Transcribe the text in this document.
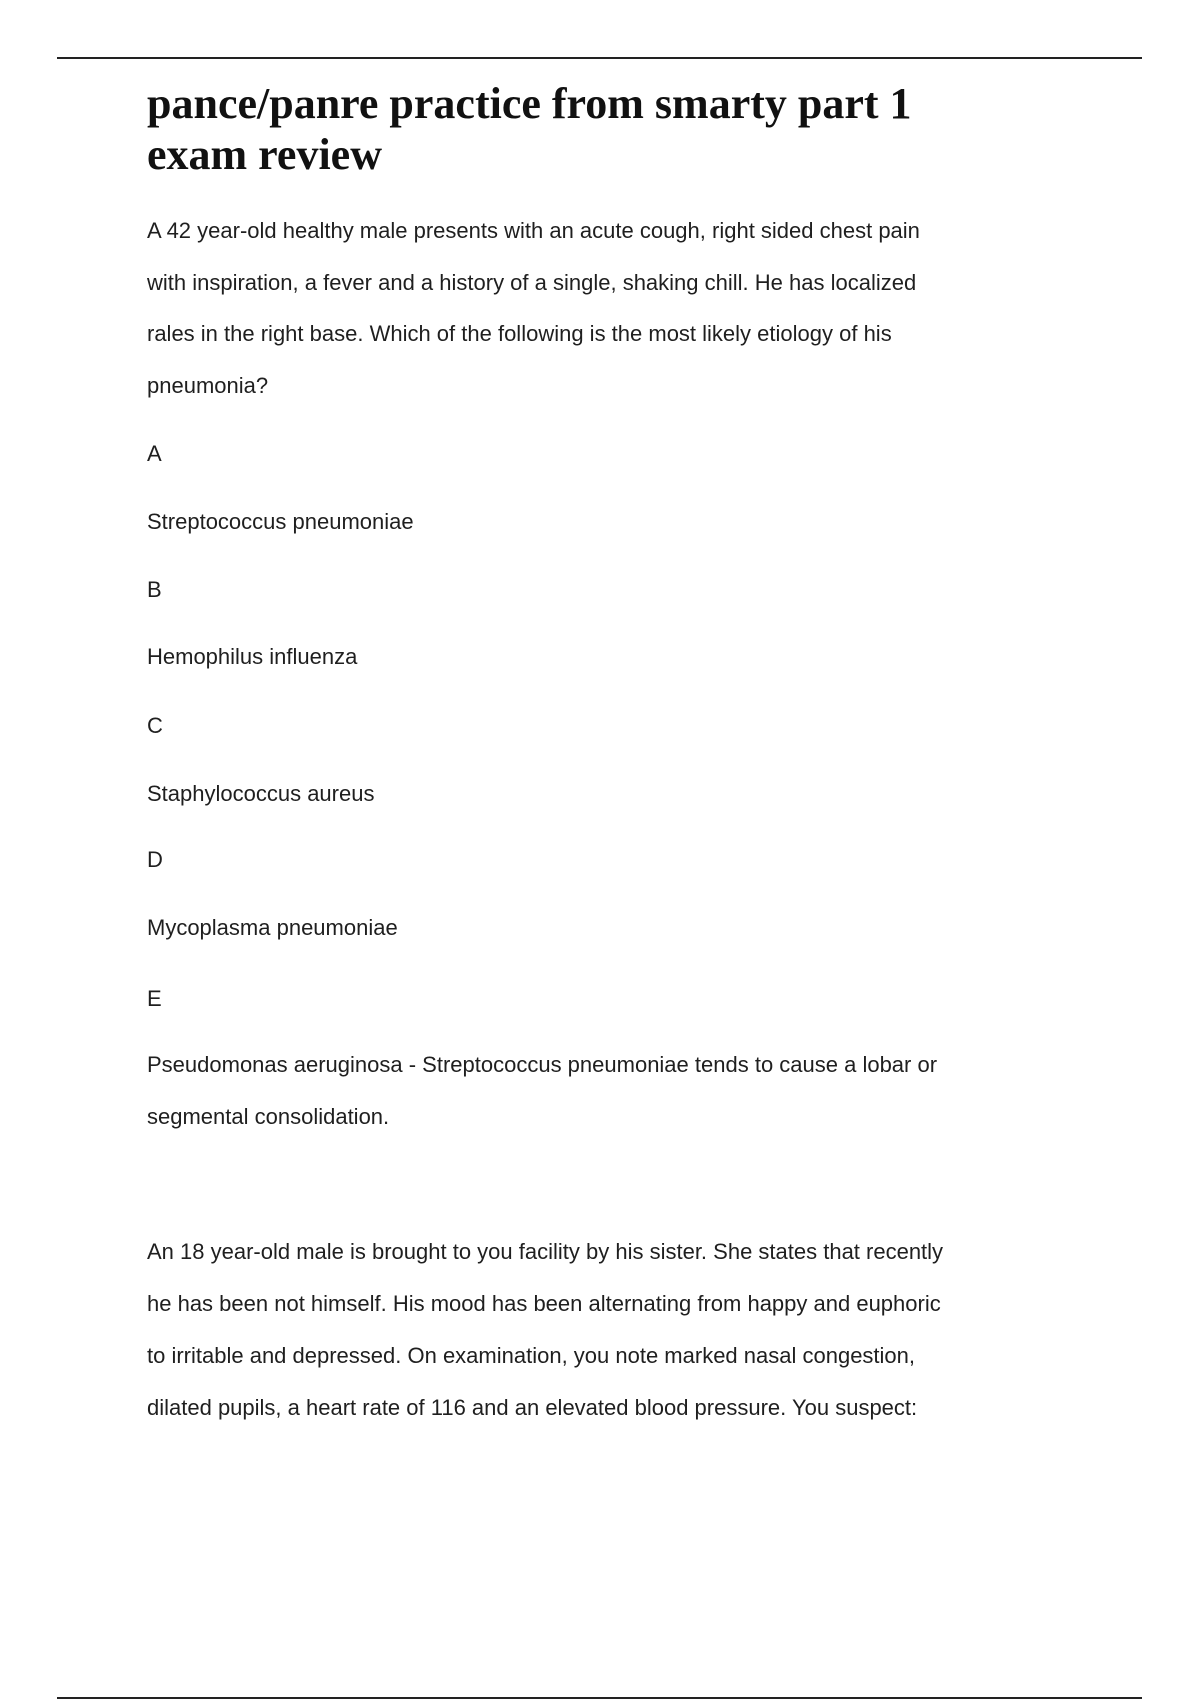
pance/panre practice from smarty part 1
exam review

A 42 year-old healthy male presents with an acute cough, right sided chest pain
with inspiration, a fever and a history of a single, shaking chill. He has localized
rales in the right base. Which of the following is the most likely etiology of his
pneumonia?

A
Streptococcus pneumoniae
B
Hemophilus influenza
C
Staphylococcus aureus
D
Mycoplasma pneumoniae
E

Pseudomonas aeruginosa - Streptococcus pneumoniae tends to cause a lobar or
segmental consolidation.

An 18 year-old male is brought to you facility by his sister. She states that recently
he has been not himself. His mood has been alternating from happy and euphoric
to irritable and depressed. On examination, you note marked nasal congestion,
dilated pupils, a heart rate of 116 and an elevated blood pressure. You suspect:
